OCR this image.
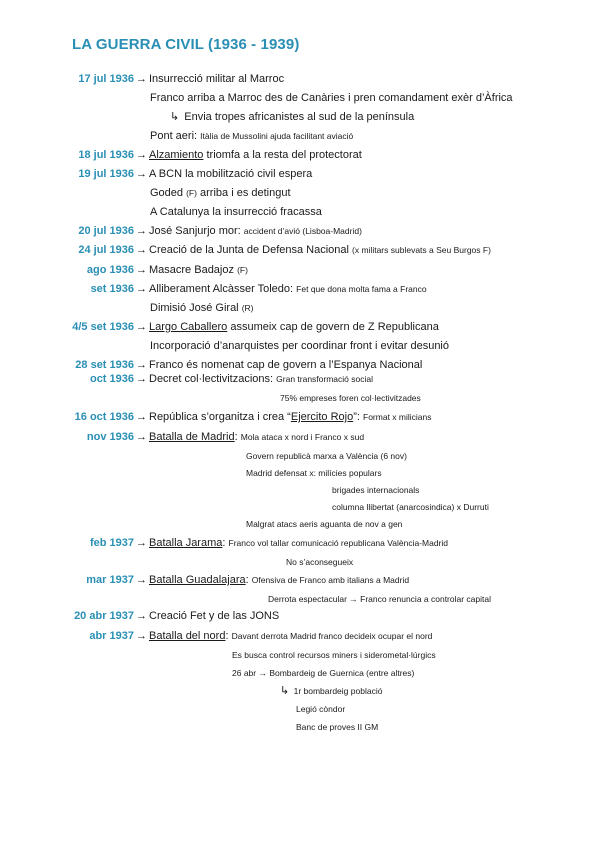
LA GUERRA CIVIL (1936 - 1939)
17 jul 1936 → Insurrecció militar al Marroc
Franco arriba a Marroc des de Canàries i pren comandament exèr d’Àfrica
↳ Envia tropes africanistes al sud de la península
Pont aeri: Itàlia de Mussolini ajuda facilitant aviació
18 jul 1936 → Alzamiento triomfa a la resta del protectorat
19 jul 1936 → A BCN la mobilització civil espera
Goded (F) arriba i es detingut
A Catalunya la insurrecció fracassa
20 jul 1936 → José Sanjurjo mor: accident d’avió (Lisboa-Madrid)
24 jul 1936 → Creació de la Junta de Defensa Nacional (x militars sublevats a Seu Burgos F)
ago 1936 → Masacre Badajoz (F)
set 1936 → Alliberament Alcàsser Toledo: Fet que dona molta fama a Franco
Dimisió José Giral (R)
4/5 set 1936 → Largo Caballero assumeix cap de govern de Z Republicana
Incorporació d’anarquistes per coordinar front i evitar desunió
28 set 1936 → Franco és nomenat cap de govern a l’Espanya Nacional
oct 1936 → Decret col·lectivitzacions: Gran transformació social
75% empreses foren col·lectivitzades
16 oct 1936 → República s’organitza i crea “Ejercito Rojo”: Format x milicians
nov 1936 → Batalla de Madrid: Mola ataca x nord i Franco x sud
Govern republicà marxa a València (6 nov)
Madrid defensat x: milícies populars
brigades internacionals
columna llibertat (anarcosindica) x Durruti
Malgrat atacs aeris aguanta de nov a gen
feb 1937 → Batalla Jarama: Franco vol tallar comunicació republicana València-Madrid
No s’aconsegueix
mar 1937 → Batalla Guadalajara: Ofensiva de Franco amb italians a Madrid
Derrota espectacular → Franco renuncia a controlar capital
20 abr 1937 → Creació Fet y de las JONS
abr 1937 → Batalla del nord: Davant derrota Madrid franco decideix ocupar el nord
Es busca control recursos miners i siderometal·lúrgics
26 abr → Bombardeig de Guernica (entre altres)
↳ 1r bombardeig població
Legió còndor
Banc de proves II GM
